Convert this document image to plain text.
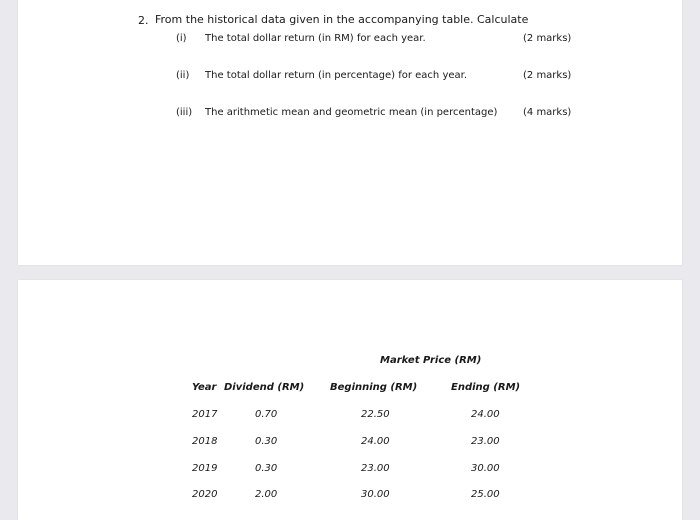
2. From the historical data given in the accompanying table. Calculate
(i) The total dollar return (in RM) for each year.	(2 marks)
(ii) The total dollar return (in percentage) for each year.	(2 marks)
(iii) The arithmetic mean and geometric mean (in percentage)	(4 marks)
Market Price (RM)
Year Dividend (RM)	Beginning (RM)	Ending (RM)
2017	0.70	22.50	24.00
2018	0.30	24.00	23.00
2019	0.30	23.00	30.00
2020	2.00	30.00	25.00
